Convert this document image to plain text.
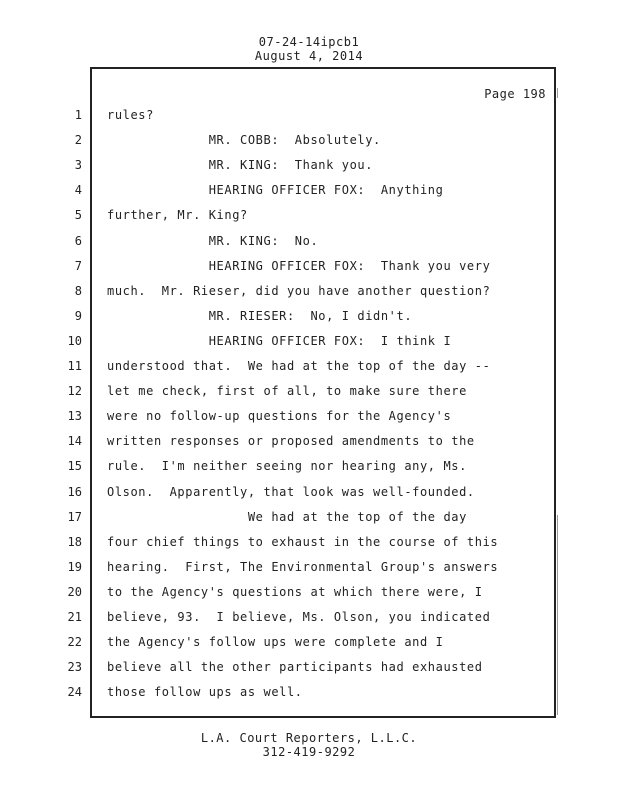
07-24-14ipcb1
August 4, 2014
Page 198
1 rules?
2 MR. COBB:  Absolutely.
3 MR. KING:  Thank you.
4 HEARING OFFICER FOX:  Anything
5 further, Mr. King?
6 MR. KING:  No.
7 HEARING OFFICER FOX:  Thank you very
8 much.  Mr. Rieser, did you have another question?
9 MR. RIESER:  No, I didn't.
10 HEARING OFFICER FOX:  I think I
11 understood that.  We had at the top of the day --
12 let me check, first of all, to make sure there
13 were no follow-up questions for the Agency's
14 written responses or proposed amendments to the
15 rule.  I'm neither seeing nor hearing any, Ms.
16 Olson.  Apparently, that look was well-founded.
17 We had at the top of the day
18 four chief things to exhaust in the course of this
19 hearing.  First, The Environmental Group's answers
20 to the Agency's questions at which there were, I
21 believe, 93.  I believe, Ms. Olson, you indicated
22 the Agency's follow ups were complete and I
23 believe all the other participants had exhausted
24 those follow ups as well.
L.A. Court Reporters, L.L.C.
312-419-9292
